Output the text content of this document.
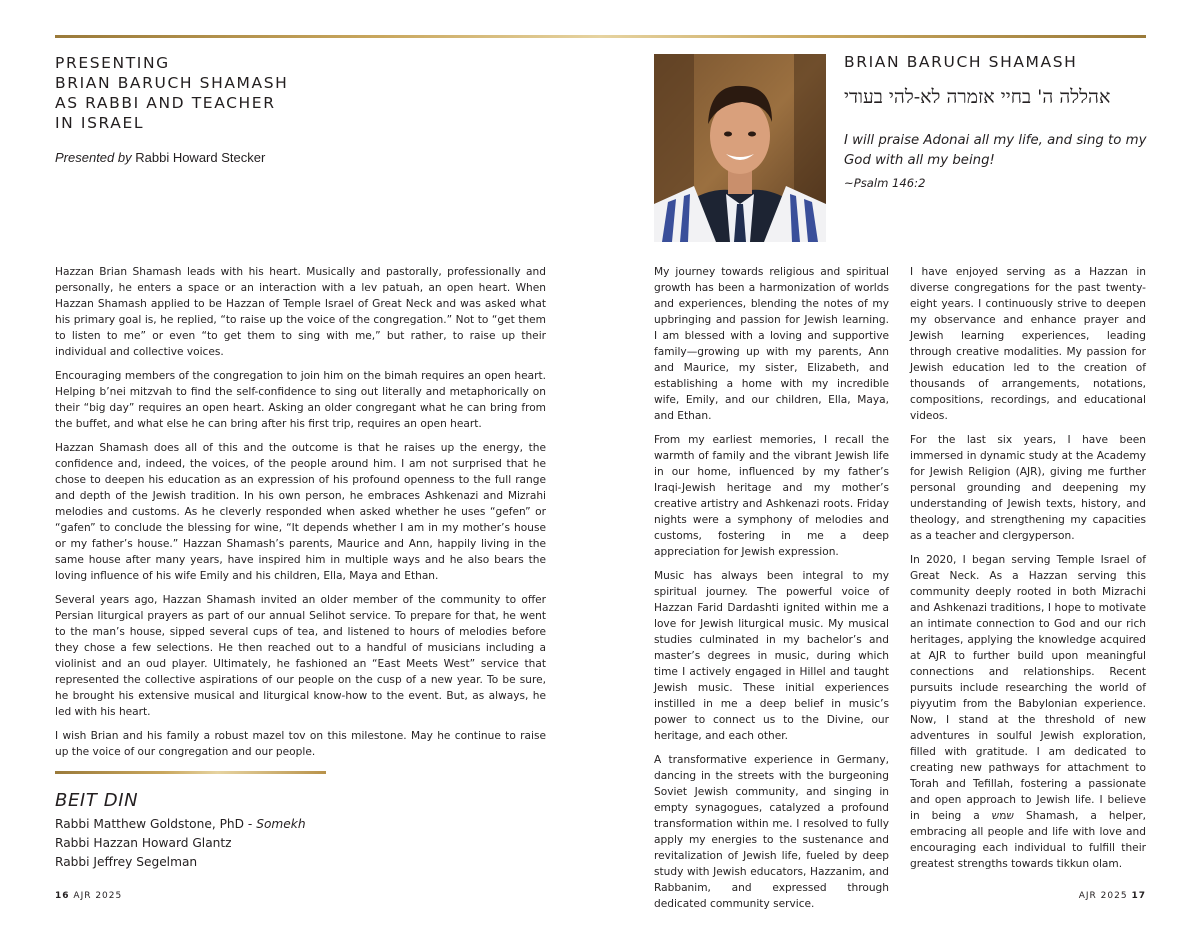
PRESENTING
BRIAN BARUCH SHAMASH
AS RABBI AND TEACHER
IN ISRAEL
Presented by Rabbi Howard Stecker

Hazzan Brian Shamash leads with his heart. Musically and pastorally, professionally and personally, he enters a space or an interaction with a lev patuah, an open heart. When Hazzan Shamash applied to be Hazzan of Temple Israel of Great Neck and was asked what his primary goal is, he replied, “to raise up the voice of the congregation.” Not to “get them to listen to me” or even “to get them to sing with me,” but rather, to raise up their individual and collective voices.

Encouraging members of the congregation to join him on the bimah requires an open heart. Helping b’nei mitzvah to find the self-confidence to sing out literally and metaphorically on their “big day” requires an open heart. Asking an older congregant what he can bring from the buffet, and what else he can bring after his first trip, requires an open heart.

Hazzan Shamash does all of this and the outcome is that he raises up the energy, the confidence and, indeed, the voices, of the people around him. I am not surprised that he chose to deepen his education as an expression of his profound openness to the full range and depth of the Jewish tradition. In his own person, he embraces Ashkenazi and Mizrahi melodies and customs. As he cleverly responded when asked whether he uses “gefen” or “gafen” to conclude the blessing for wine, “It depends whether I am in my mother’s house or my father’s house.” Hazzan Shamash’s parents, Maurice and Ann, happily living in the same house after many years, have inspired him in multiple ways and he also bears the loving influence of his wife Emily and his children, Ella, Maya and Ethan.

Several years ago, Hazzan Shamash invited an older member of the community to offer Persian liturgical prayers as part of our annual Selihot service. To prepare for that, he went to the man’s house, sipped several cups of tea, and listened to hours of melodies before they chose a few selections. He then reached out to a handful of musicians including a violinist and an oud player. Ultimately, he fashioned an “East Meets West” service that represented the collective aspirations of our people on the cusp of a new year. To be sure, he brought his extensive musical and liturgical know-how to the event. But, as always, he led with his heart.

I wish Brian and his family a robust mazel tov on this milestone. May he continue to raise up the voice of our congregation and our people.

BEIT DIN
Rabbi Matthew Goldstone, PhD - Somekh
Rabbi Hazzan Howard Glantz
Rabbi Jeffrey Segelman
16 AJR 2025
BRIAN BARUCH SHAMASH
אהללה ה' בחיי אזמרה לא-להי בעודי
I will praise Adonai all my life, and sing to my God with all my being!
~Psalm 146:2

My journey towards religious and spiritual growth has been a harmonization of worlds and experiences, blending the notes of my upbringing and passion for Jewish learning. I am blessed with a loving and supportive family—growing up with my parents, Ann and Maurice, my sister, Elizabeth, and establishing a home with my incredible wife, Emily, and our children, Ella, Maya, and Ethan.

From my earliest memories, I recall the warmth of family and the vibrant Jewish life in our home, influenced by my father’s Iraqi-Jewish heritage and my mother’s creative artistry and Ashkenazi roots. Friday nights were a symphony of melodies and customs, fostering in me a deep appreciation for Jewish expression.

Music has always been integral to my spiritual journey. The powerful voice of Hazzan Farid Dardashti ignited within me a love for Jewish liturgical music. My musical studies culminated in my bachelor’s and master’s degrees in music, during which time I actively engaged in Hillel and taught Jewish music. These initial experiences instilled in me a deep belief in music’s power to connect us to the Divine, our heritage, and each other.

A transformative experience in Germany, dancing in the streets with the burgeoning Soviet Jewish community, and singing in empty synagogues, catalyzed a profound transformation within me. I resolved to fully apply my energies to the sustenance and revitalization of Jewish life, fueled by deep study with Jewish educators, Hazzanim, and Rabbanim, and expressed through dedicated community service.

I have enjoyed serving as a Hazzan in diverse congregations for the past twenty-eight years. I continuously strive to deepen my observance and enhance prayer and Jewish learning experiences, leading through creative modalities. My passion for Jewish education led to the creation of thousands of arrangements, notations, compositions, recordings, and educational videos.

For the last six years, I have been immersed in dynamic study at the Academy for Jewish Religion (AJR), giving me further personal grounding and deepening my understanding of Jewish texts, history, and theology, and strengthening my capacities as a teacher and clergyperson.

In 2020, I began serving Temple Israel of Great Neck. As a Hazzan serving this community deeply rooted in both Mizrachi and Ashkenazi traditions, I hope to motivate an intimate connection to God and our rich heritages, applying the knowledge acquired at AJR to further build upon meaningful connections and relationships. Recent pursuits include researching the world of piyyutim from the Babylonian experience. Now, I stand at the threshold of new adventures in soulful Jewish exploration, filled with gratitude. I am dedicated to creating new pathways for attachment to Torah and Tefillah, fostering a passionate and open approach to Jewish life. I believe in being a שמש Shamash, a helper, embracing all people and life with love and encouraging each individual to fulfill their greatest strengths towards tikkun olam.

AJR 2025 17
